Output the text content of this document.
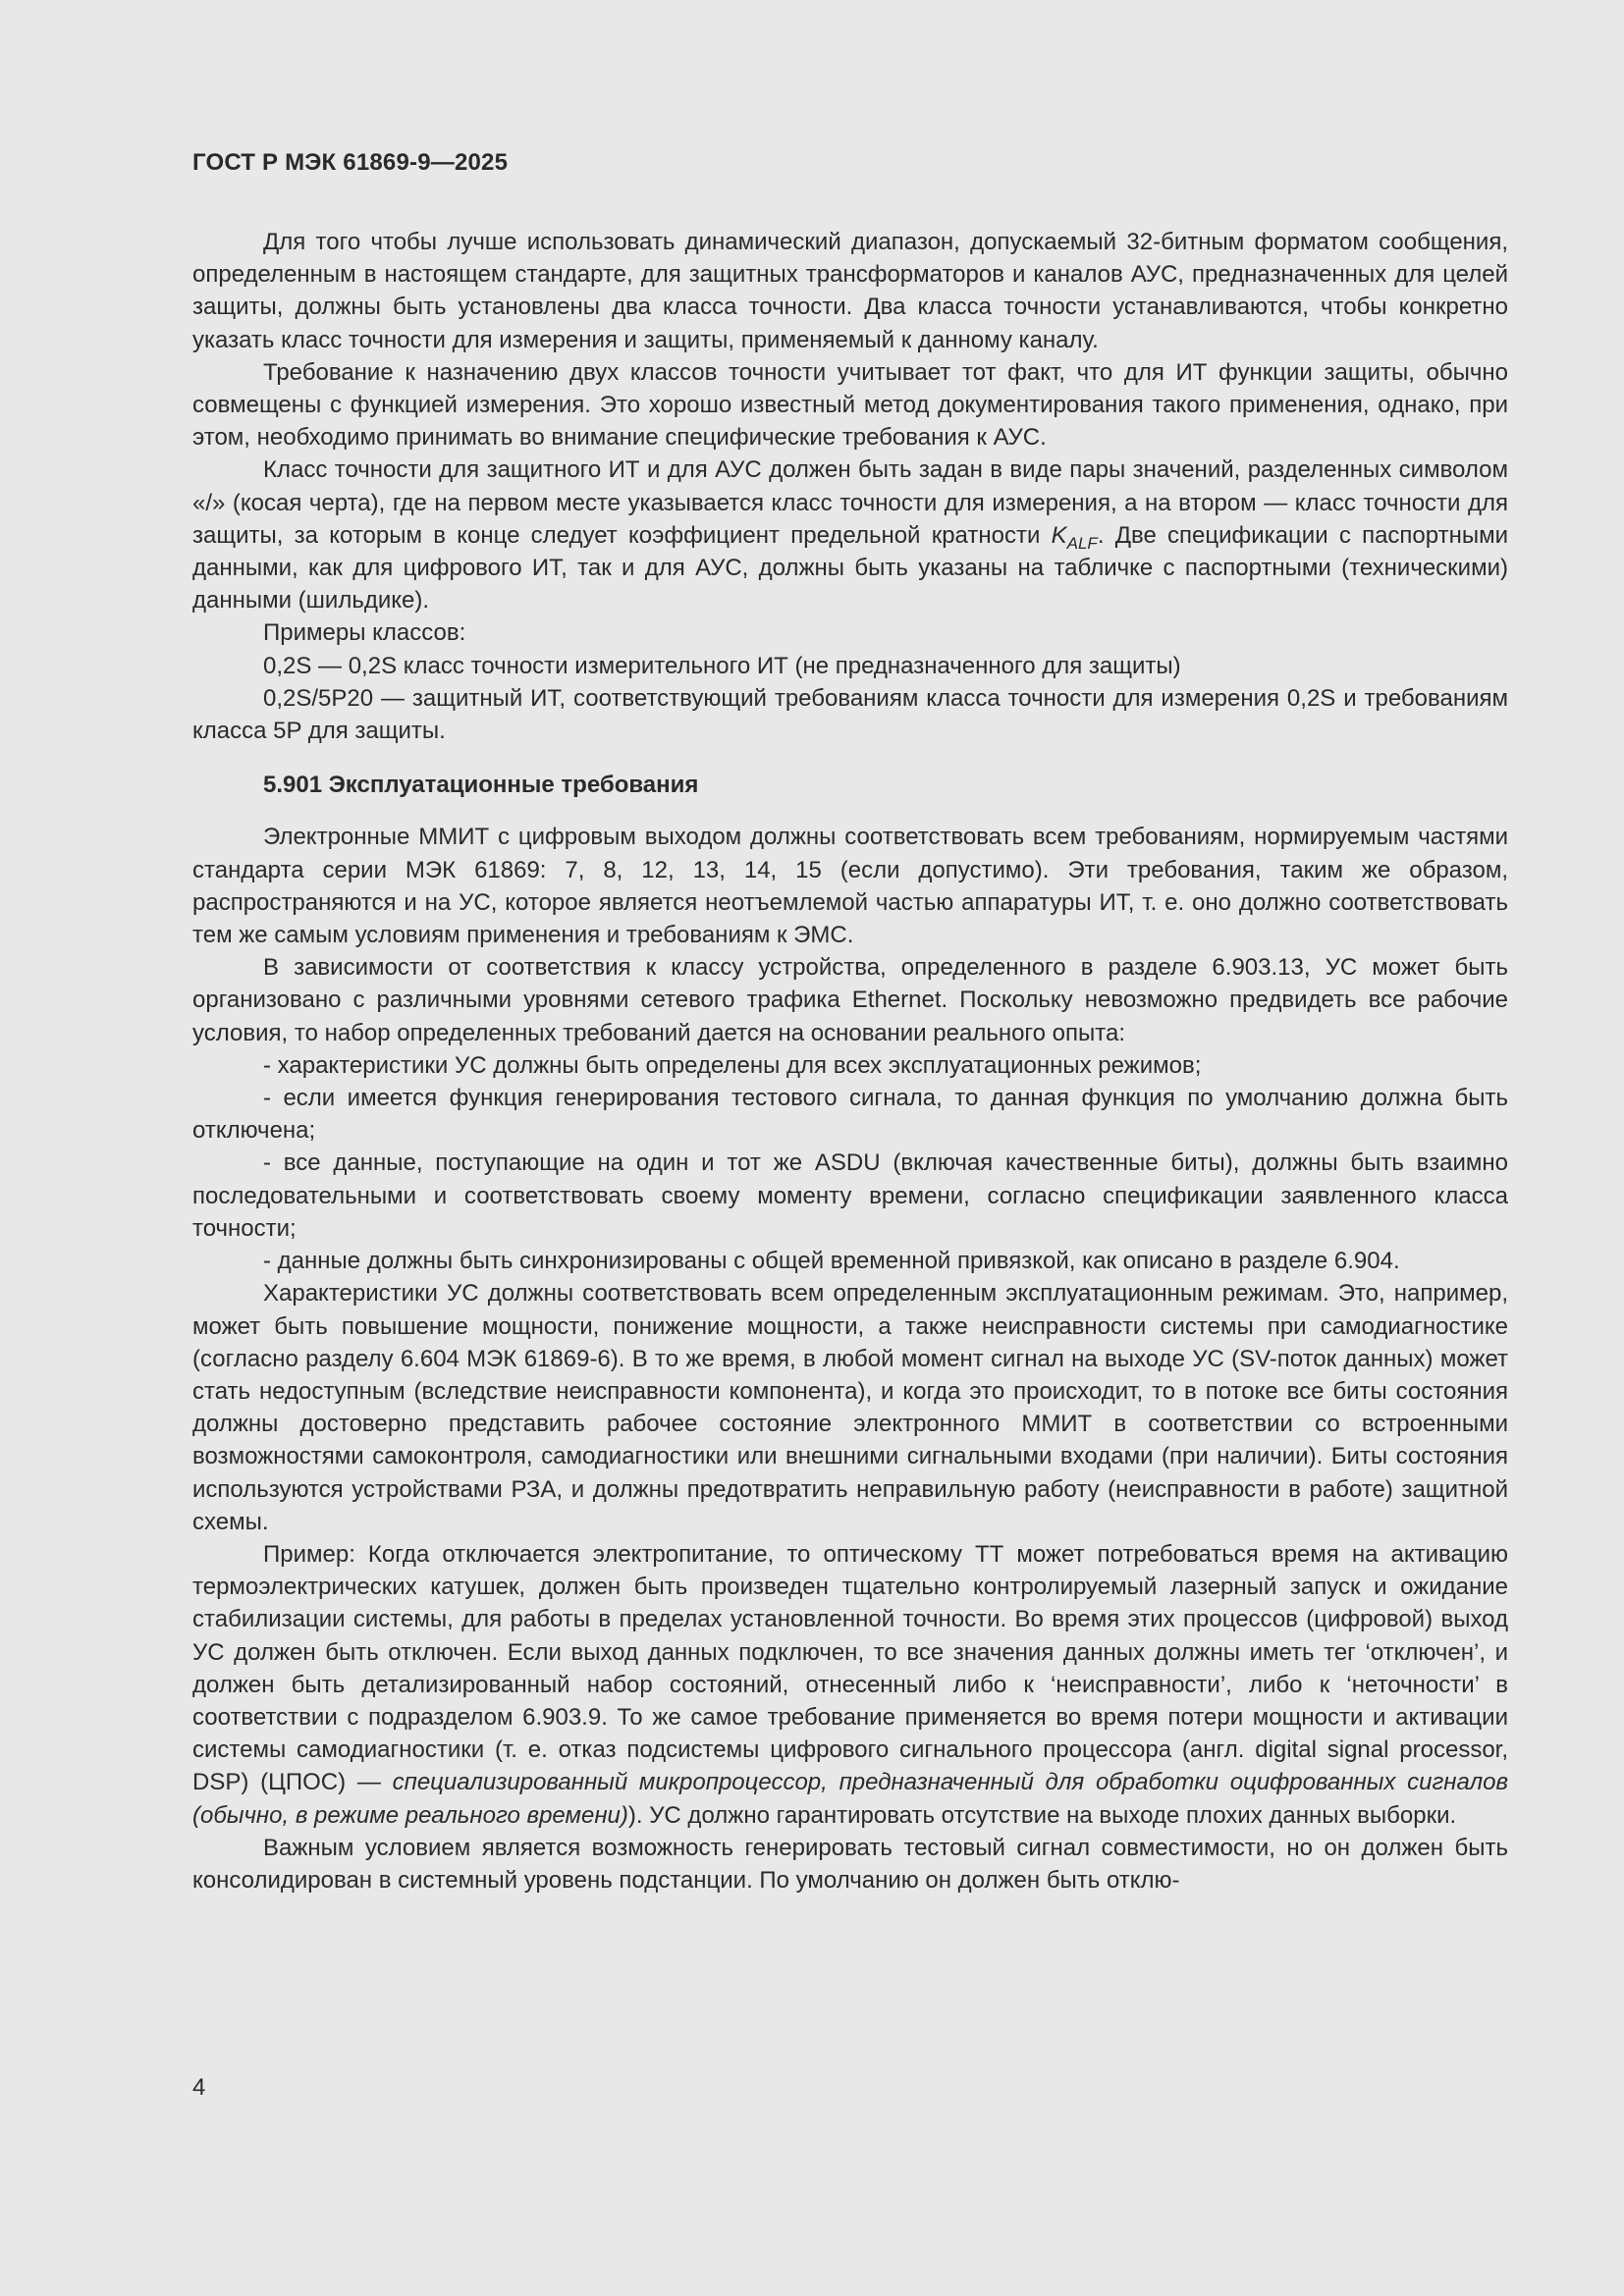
ГОСТ Р МЭК 61869-9—2025

Для того чтобы лучше использовать динамический диапазон, допускаемый 32-битным форматом сообщения, определенным в настоящем стандарте, для защитных трансформаторов и каналов АУС, предназначенных для целей защиты, должны быть установлены два класса точности. Два класса точности устанавливаются, чтобы конкретно указать класс точности для измерения и защиты, применяемый к данному каналу.

Требование к назначению двух классов точности учитывает тот факт, что для ИТ функции защиты, обычно совмещены с функцией измерения. Это хорошо известный метод документирования такого применения, однако, при этом, необходимо принимать во внимание специфические требования к АУС.

Класс точности для защитного ИТ и для АУС должен быть задан в виде пары значений, разделенных символом «/» (косая черта), где на первом месте указывается класс точности для измерения, а на втором — класс точности для защиты, за которым в конце следует коэффициент предельной кратности $K_{ALF}$. Две спецификации с паспортными данными, как для цифрового ИТ, так и для АУС, должны быть указаны на табличке с паспортными (техническими) данными (шильдике).

Примеры классов:

0,2S — 0,2S класс точности измерительного ИТ (не предназначенного для защиты)

0,2S/5P20 — защитный ИТ, соответствующий требованиям класса точности для измерения 0,2S и требованиям класса 5P для защиты.

5.901 Эксплуатационные требования

Электронные ММИТ с цифровым выходом должны соответствовать всем требованиям, нормируемым частями стандарта серии МЭК 61869: 7, 8, 12, 13, 14, 15 (если допустимо). Эти требования, таким же образом, распространяются и на УС, которое является неотъемлемой частью аппаратуры ИТ, т. е. оно должно соответствовать тем же самым условиям применения и требованиям к ЭМС.

В зависимости от соответствия к классу устройства, определенного в разделе 6.903.13, УС может быть организовано с различными уровнями сетевого трафика Ethernet. Поскольку невозможно предвидеть все рабочие условия, то набор определенных требований дается на основании реального опыта:

- характеристики УС должны быть определены для всех эксплуатационных режимов;

- если имеется функция генерирования тестового сигнала, то данная функция по умолчанию должна быть отключена;

- все данные, поступающие на один и тот же ASDU (включая качественные биты), должны быть взаимно последовательными и соответствовать своему моменту времени, согласно спецификации заявленного класса точности;

- данные должны быть синхронизированы с общей временной привязкой, как описано в разделе 6.904.

Характеристики УС должны соответствовать всем определенным эксплуатационным режимам. Это, например, может быть повышение мощности, понижение мощности, а также неисправности системы при самодиагностике (согласно разделу 6.604 МЭК 61869-6). В то же время, в любой момент сигнал на выходе УС (SV-поток данных) может стать недоступным (вследствие неисправности компонента), и когда это происходит, то в потоке все биты состояния должны достоверно представить рабочее состояние электронного ММИТ в соответствии со встроенными возможностями самоконтроля, самодиагностики или внешними сигнальными входами (при наличии). Биты состояния используются устройствами РЗА, и должны предотвратить неправильную работу (неисправности в работе) защитной схемы.

Пример: Когда отключается электропитание, то оптическому ТТ может потребоваться время на активацию термоэлектрических катушек, должен быть произведен тщательно контролируемый лазерный запуск и ожидание стабилизации системы, для работы в пределах установленной точности. Во время этих процессов (цифровой) выход УС должен быть отключен. Если выход данных подключен, то все значения данных должны иметь тег ‘отключен’, и должен быть детализированный набор состояний, отнесенный либо к ‘неисправности’, либо к ‘неточности’ в соответствии с подразделом 6.903.9. То же самое требование применяется во время потери мощности и активации системы самодиагностики (т. е. отказ подсистемы цифрового сигнального процессора (англ. digital signal processor, DSP) (ЦПОС) — специализированный микропроцессор, предназначенный для обработки оцифрованных сигналов (обычно, в режиме реального времени)). УС должно гарантировать отсутствие на выходе плохих данных выборки.

Важным условием является возможность генерировать тестовый сигнал совместимости, но он должен быть консолидирован в системный уровень подстанции. По умолчанию он должен быть отклю-

4
